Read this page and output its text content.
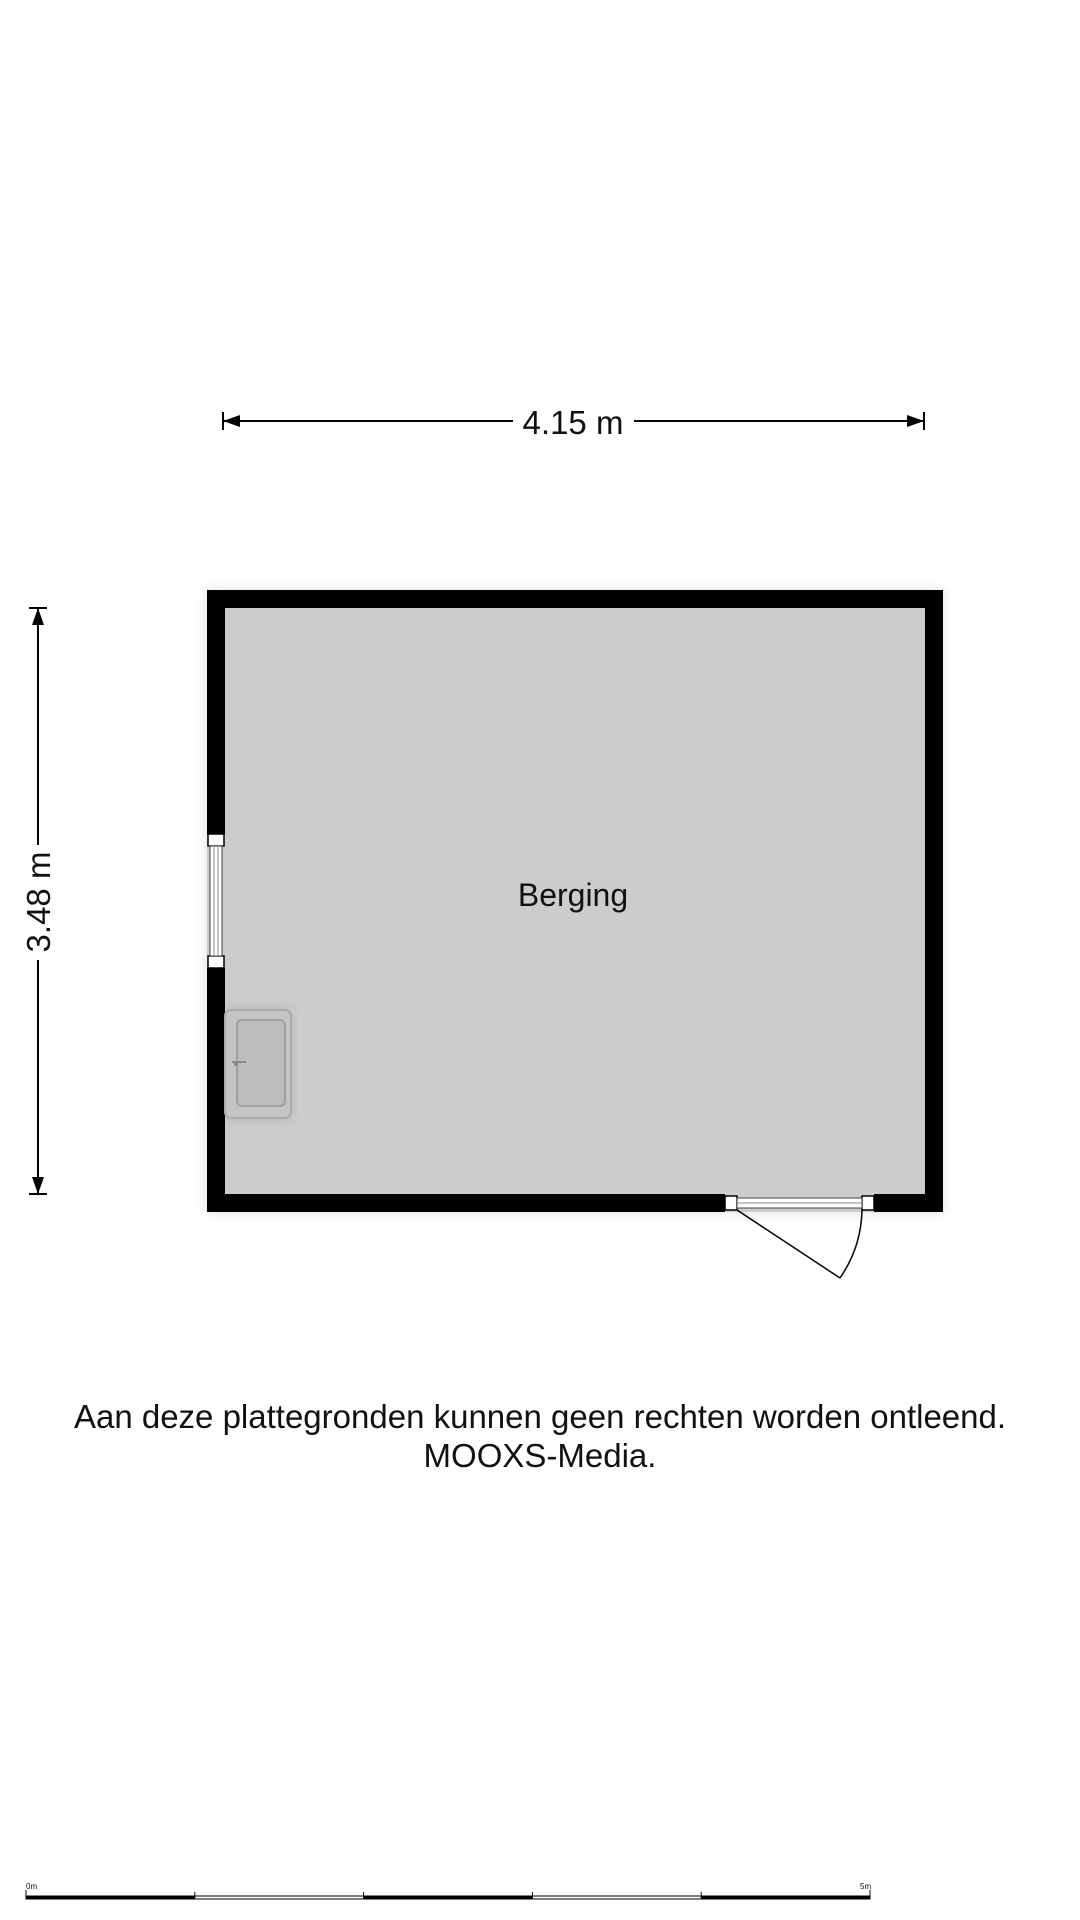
4.15 m
3.48 m	Berging
0m	5m
Aan deze plattegronden kunnen geen rechten worden ontleend.
MOOXS-Media.
